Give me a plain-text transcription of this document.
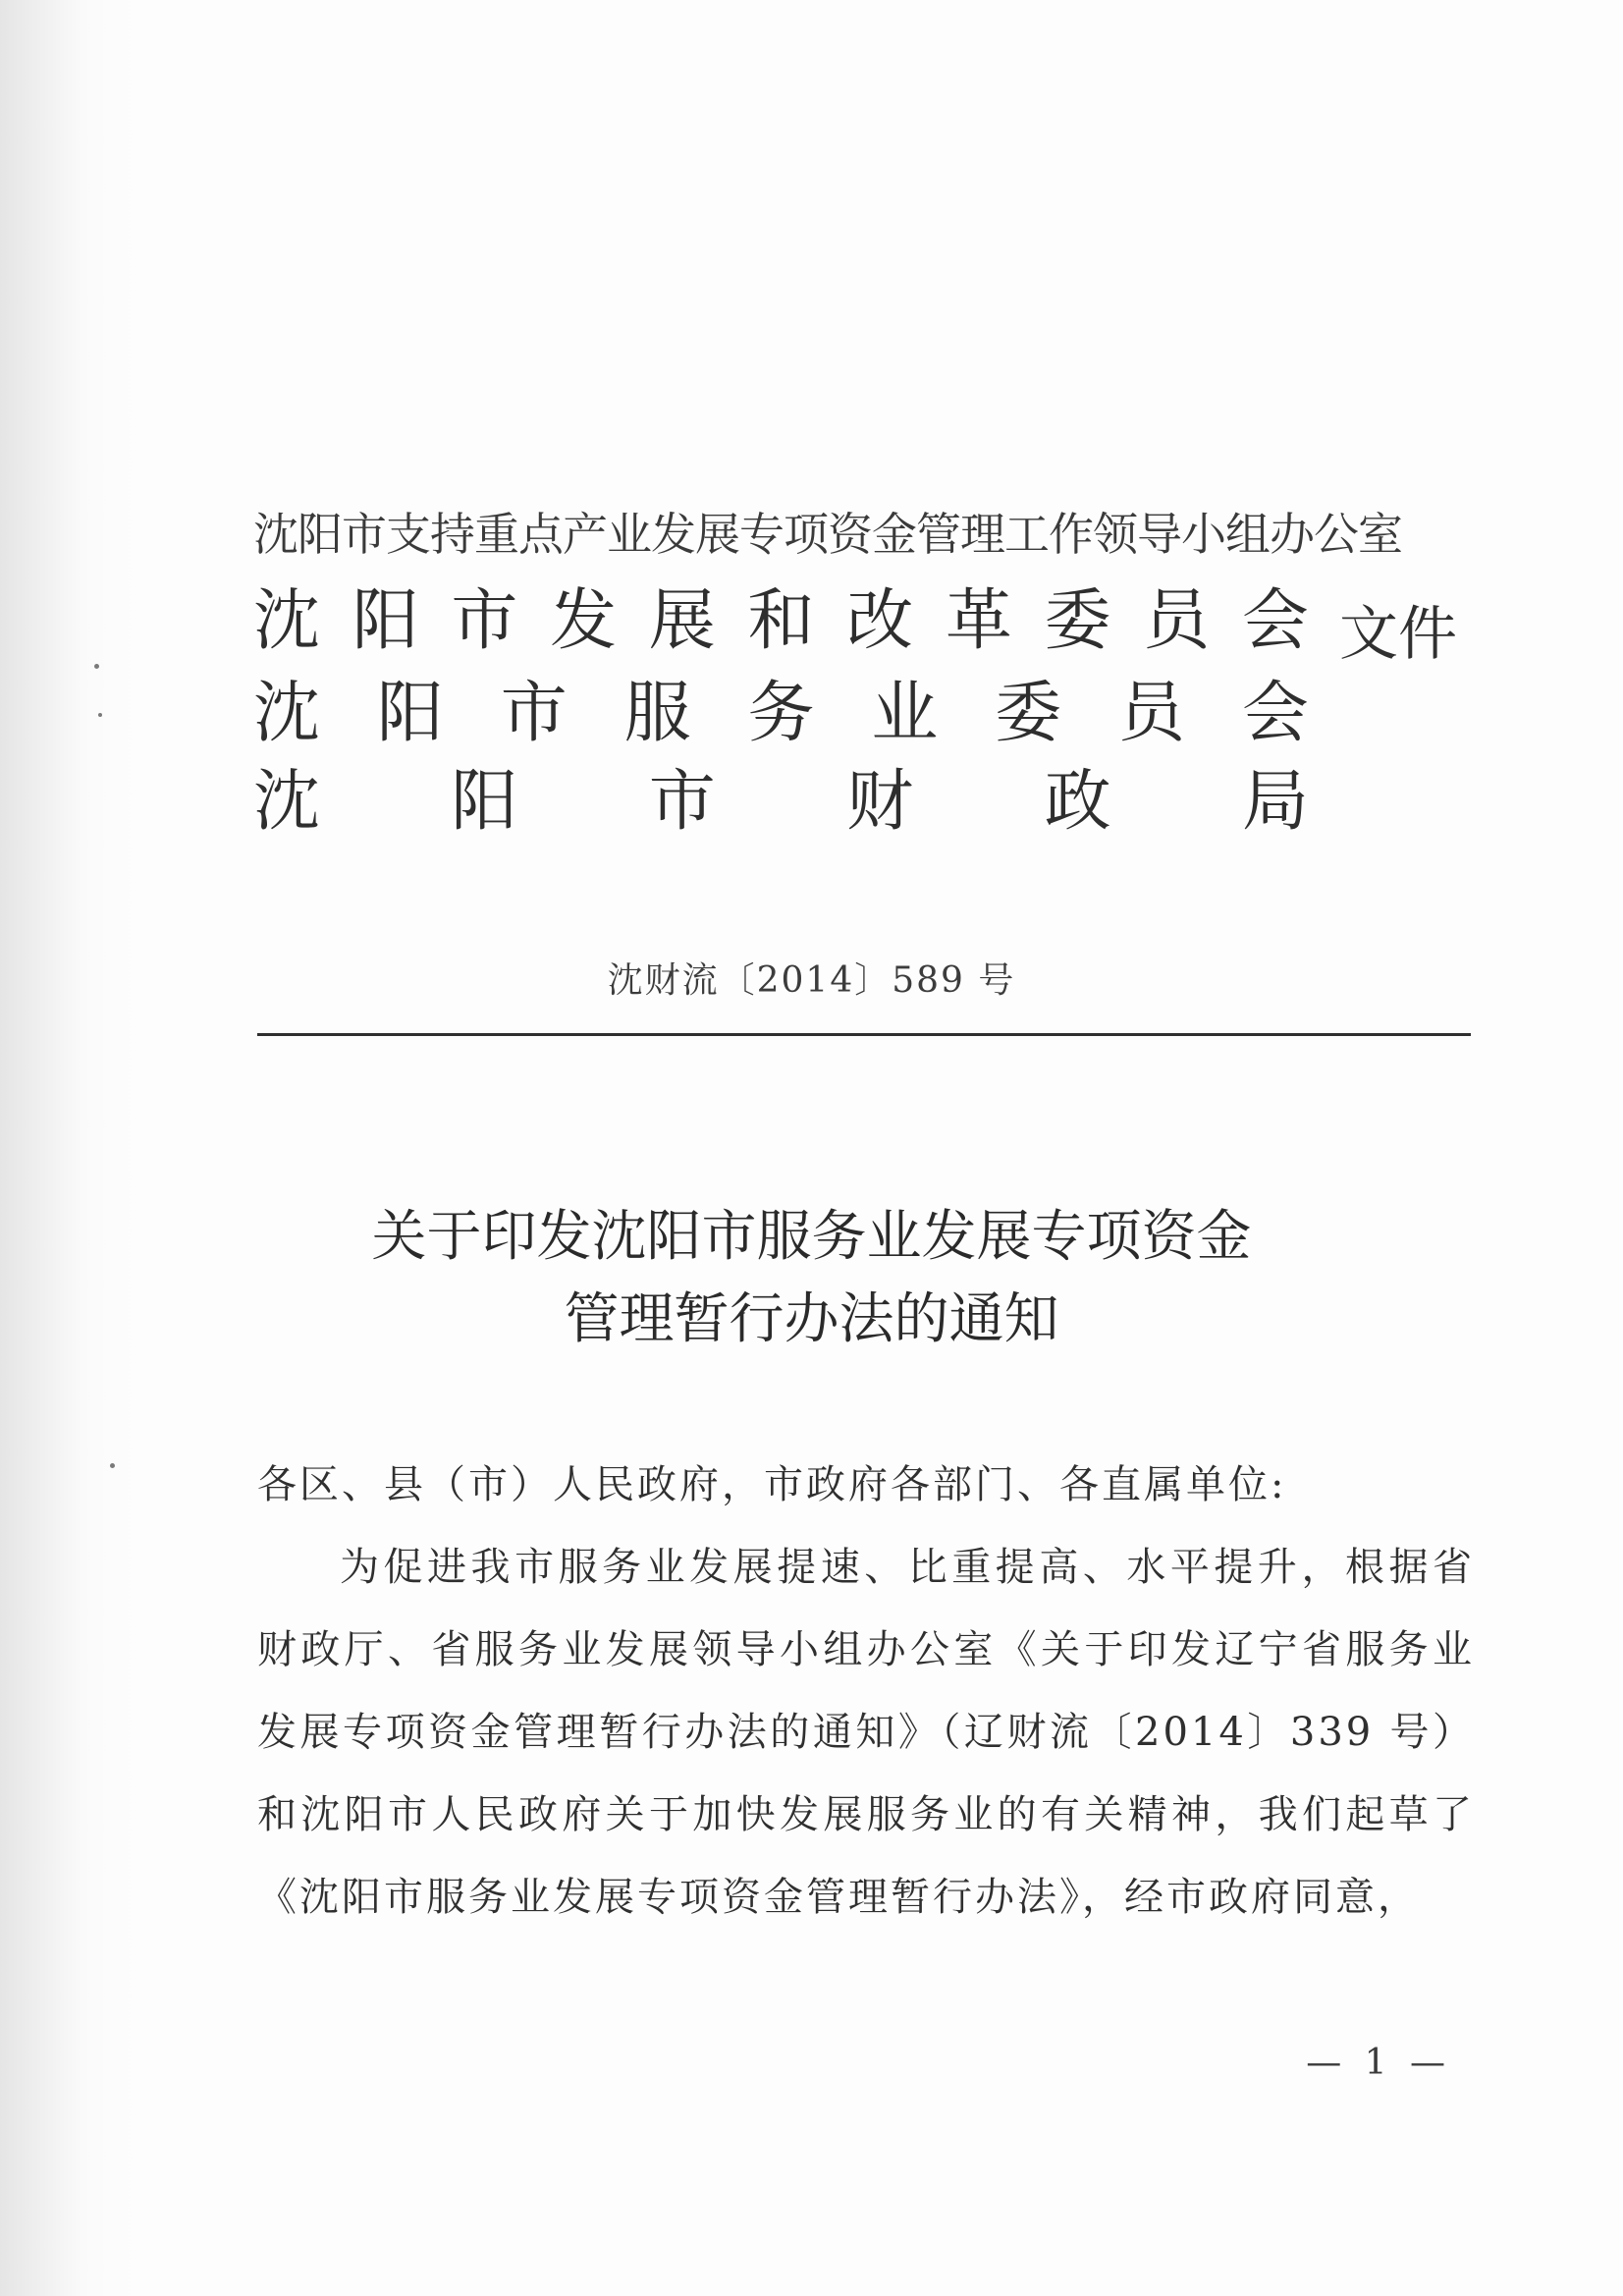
沈阳市支持重点产业发展专项资金管理工作领导小组办公室
沈 阳 市 发 展 和 改 革 委 员 会
沈 阳 市 服 务 业 委 员 会
沈 阳 市 财 政 局
文件
沈财流〔2014〕589 号
关于印发沈阳市服务业发展专项资金
管理暂行办法的通知
各区、县（市）人民政府，市政府各部门、各直属单位:
为促进我市服务业发展提速、比重提高、水平提升，根据省财政厅、省服务业发展领导小组办公室《关于印发辽宁省服务业发展专项资金管理暂行办法的通知》（辽财流〔2014〕339 号）和沈阳市人民政府关于加快发展服务业的有关精神，我们起草了《沈阳市服务业发展专项资金管理暂行办法》，经市政府同意，
— 1 —
